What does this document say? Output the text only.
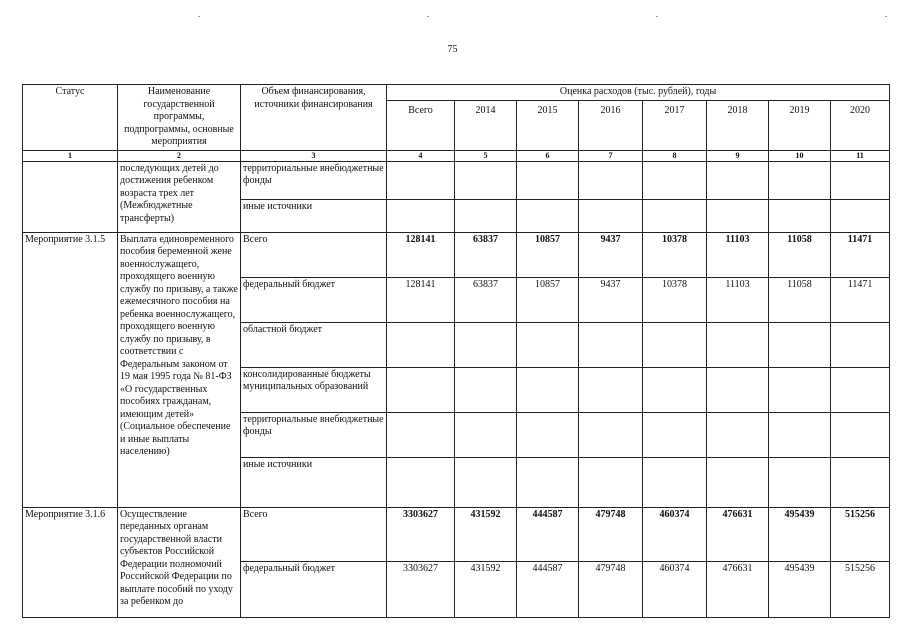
75
Статус	Наименование государственной программы, подпрограммы, основные мероприятия	Объем финансирования, источники финансирования	Оценка расходов (тыс. рублей), годы							
			Всего	2014	2015	2016	2017	2018	2019	2020
1	2	3	4	5	6	7	8	9	10	11
	последующих детей до достижения ребенком возраста трех лет (Межбюджетные трансферты)	территориальные внебюджетные фонды								
		иные источники								
Мероприятие 3.1.5	Выплата единовременного пособия беременной жене военнослужащего, проходящего военную службу по призыву, а также ежемесячного пособия на ребенка военнослужащего, проходящего военную службу по призыву, в соответствии с Федеральным законом от 19 мая 1995 года № 81-ФЗ «О государственных пособиях гражданам, имеющим детей» (Социальное обеспечение и иные выплаты населению)	Всего	128141	63837	10857	9437	10378	11103	11058	11471
		федеральный бюджет	128141	63837	10857	9437	10378	11103	11058	11471
		областной бюджет								
		консолидированные бюджеты муниципальных образований								
		территориальные внебюджетные фонды								
		иные источники								
Мероприятие 3.1.6	Осуществление переданных органам государственной власти субъектов Российской Федерации полномочий Российской Федерации по выплате пособий по уходу за ребенком до	Всего	3303627	431592	444587	479748	460374	476631	495439	515256
		федеральный бюджет	3303627	431592	444587	479748	460374	476631	495439	515256
